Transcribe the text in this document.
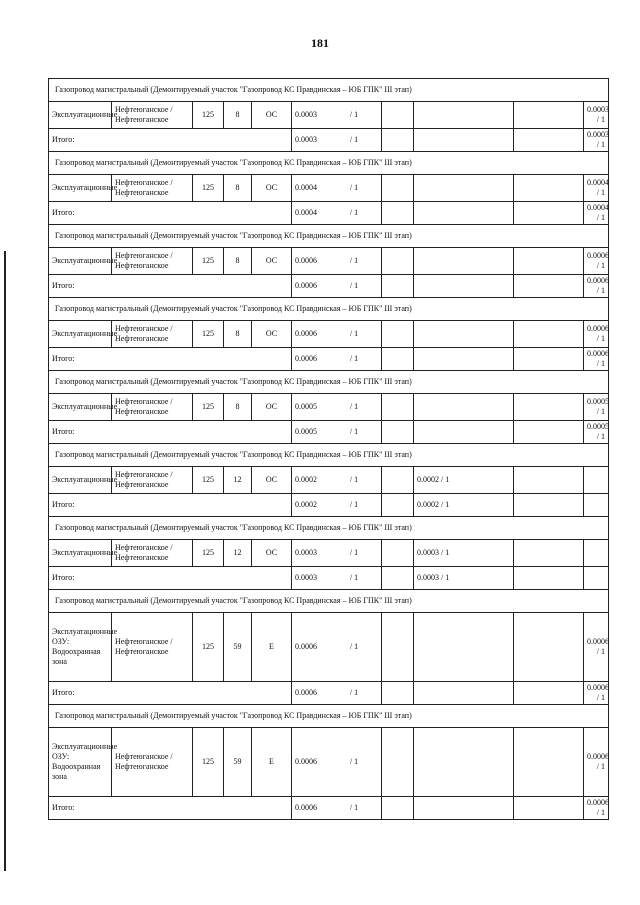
181
Газопровод магистральный (Демонтируемый участок "Газопровод КС Правдинская – ЮБ ГПК" III этап)									
Эксплуатационные	Нефтеюганское / Нефтеюганское	125	8	ОС	0.0003 / 1				0.0003 / 1
Итого:					0.0003 / 1				0.0003 / 1
Газопровод магистральный (Демонтируемый участок "Газопровод КС Правдинская – ЮБ ГПК" III этап)									
Эксплуатационные	Нефтеюганское / Нефтеюганское	125	8	ОС	0.0004 / 1				0.0004 / 1
Итого:					0.0004 / 1				0.0004 / 1
Газопровод магистральный (Демонтируемый участок "Газопровод КС Правдинская – ЮБ ГПК" III этап)									
Эксплуатационные	Нефтеюганское / Нефтеюганское	125	8	ОС	0.0006 / 1				0.0006 / 1
Итого:					0.0006 / 1				0.0006 / 1
Газопровод магистральный (Демонтируемый участок "Газопровод КС Правдинская – ЮБ ГПК" III этап)									
Эксплуатационные	Нефтеюганское / Нефтеюганское	125	8	ОС	0.0006 / 1				0.0006 / 1
Итого:					0.0006 / 1				0.0006 / 1
Газопровод магистральный (Демонтируемый участок "Газопровод КС Правдинская – ЮБ ГПК" III этап)									
Эксплуатационные	Нефтеюганское / Нефтеюганское	125	8	ОС	0.0005 / 1				0.0005 / 1
Итого:					0.0005 / 1				0.0005 / 1
Газопровод магистральный (Демонтируемый участок "Газопровод КС Правдинская – ЮБ ГПК" III этап)									
Эксплуатационные	Нефтеюганское / Нефтеюганское	125	12	ОС	0.0002 / 1		0.0002 / 1		
Итого:					0.0002 / 1		0.0002 / 1		
Газопровод магистральный (Демонтируемый участок "Газопровод КС Правдинская – ЮБ ГПК" III этап)									
Эксплуатационные	Нефтеюганское / Нефтеюганское	125	12	ОС	0.0003 / 1		0.0003 / 1		
Итого:					0.0003 / 1		0.0003 / 1		
Газопровод магистральный (Демонтируемый участок "Газопровод КС Правдинская – ЮБ ГПК" III этап)									
Эксплуатационные ОЗУ: Водоохранная зона	Нефтеюганское / Нефтеюганское	125	59	Е	0.0006 / 1				0.0006 / 1
Итого:					0.0006 / 1				0.0006 / 1
Газопровод магистральный (Демонтируемый участок "Газопровод КС Правдинская – ЮБ ГПК" III этап)									
Эксплуатационные ОЗУ: Водоохранная зона	Нефтеюганское / Нефтеюганское	125	59	Е	0.0006 / 1				0.0006 / 1
Итого:					0.0006 / 1				0.0006 / 1
